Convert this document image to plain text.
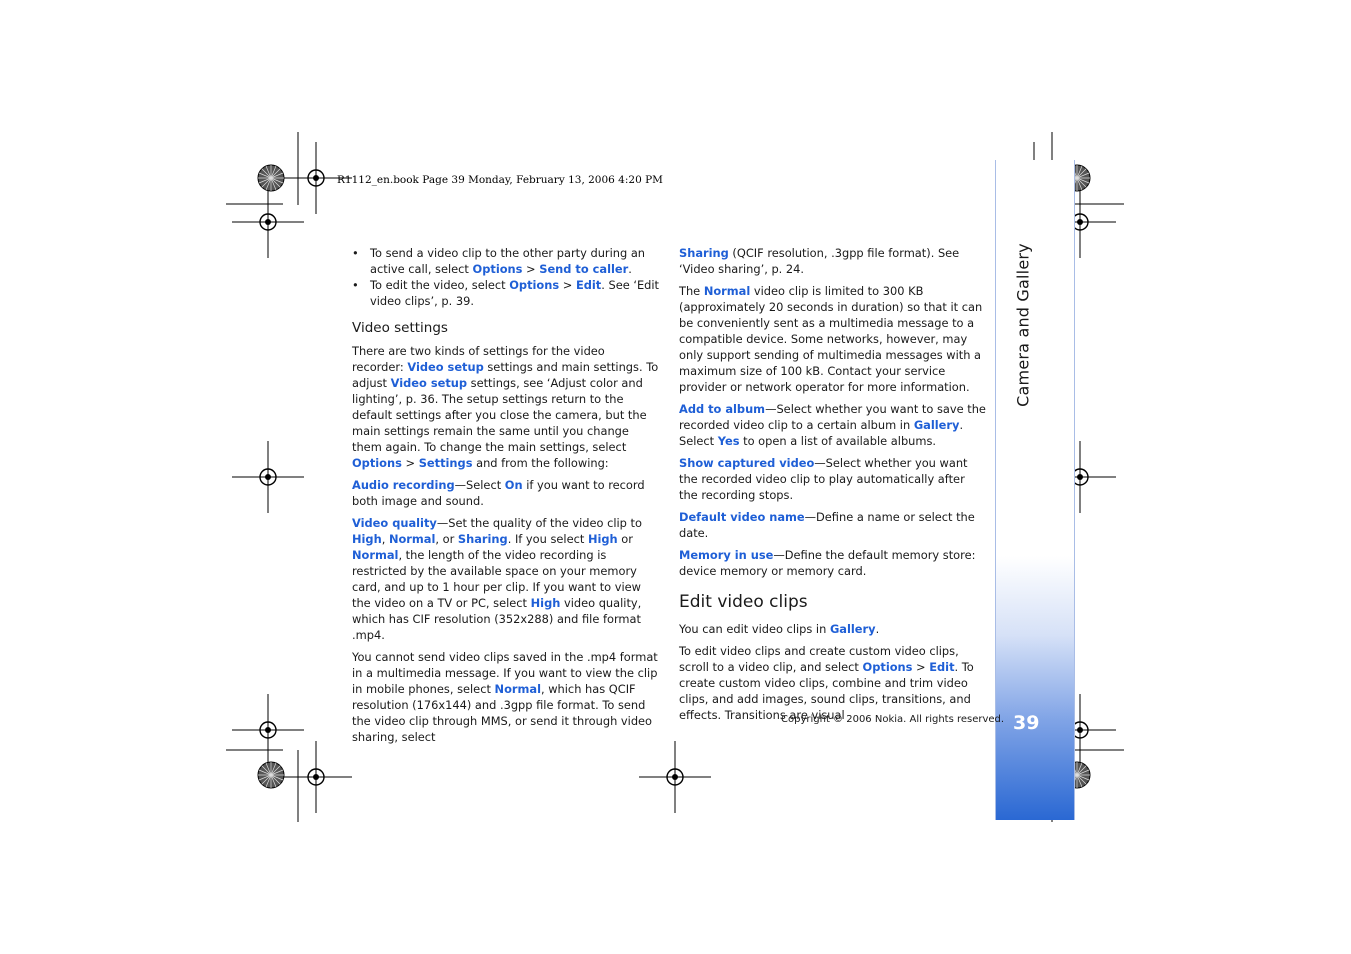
Camera and Gallery
39
R1112_en.book Page 39 Monday, February 13, 2006 4:20 PM
• To send a video clip to the other party during an active call, select Options > Send to caller.
• To edit the video, select Options > Edit. See ‘Edit video clips’, p. 39.
Video settings

There are two kinds of settings for the video recorder: Video setup settings and main settings. To adjust Video setup settings, see ‘Adjust color and lighting’, p. 36. The setup settings return to the default settings after you close the camera, but the main settings remain the same until you change them again. To change the main settings, select Options > Settings and from the following:

Audio recording—Select On if you want to record both image and sound.

Video quality—Set the quality of the video clip to High, Normal, or Sharing. If you select High or Normal, the length of the video recording is restricted by the available space on your memory card, and up to 1 hour per clip. If you want to view the video on a TV or PC, select High video quality, which has CIF resolution (352x288) and file format .mp4.

You cannot send video clips saved in the .mp4 format in a multimedia message. If you want to view the clip in mobile phones, select Normal, which has QCIF resolution (176x144) and .3gpp file format. To send the video clip through MMS, or send it through video sharing, select

Sharing (QCIF resolution, .3gpp file format). See ‘Video sharing’, p. 24.

The Normal video clip is limited to 300 KB (approximately 20 seconds in duration) so that it can be conveniently sent as a multimedia message to a compatible device. Some networks, however, may only support sending of multimedia messages with a maximum size of 100 kB. Contact your service provider or network operator for more information.

Add to album—Select whether you want to save the recorded video clip to a certain album in Gallery. Select Yes to open a list of available albums.

Show captured video—Select whether you want the recorded video clip to play automatically after the recording stops.

Default video name—Define a name or select the date.

Memory in use—Define the default memory store: device memory or memory card.

Edit video clips

You can edit video clips in Gallery.

To edit video clips and create custom video clips, scroll to a video clip, and select Options > Edit. To create custom video clips, combine and trim video clips, and add images, sound clips, transitions, and effects. Transitions are visual

Copyright © 2006 Nokia. All rights reserved.
